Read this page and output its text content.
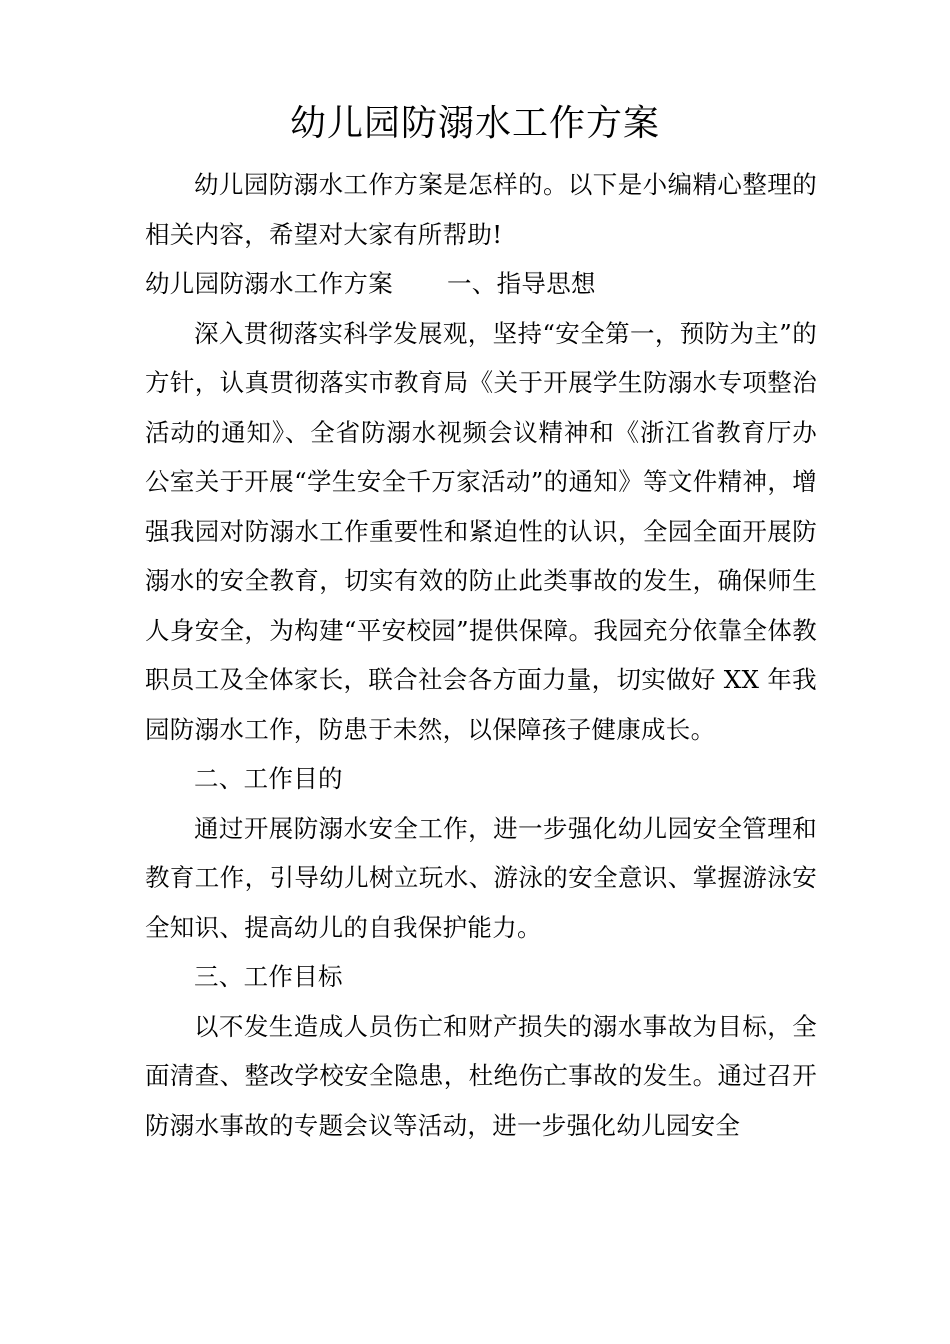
幼儿园防溺水工作方案

幼儿园防溺水工作方案是怎样的。以下是小编精心整理的相关内容，希望对大家有所帮助!

幼儿园防溺水工作方案 一、指导思想

深入贯彻落实科学发展观，坚持“安全第一，预防为主”的方针，认真贯彻落实市教育局《关于开展学生防溺水专项整治活动的通知》、全省防溺水视频会议精神和《浙江省教育厅办公室关于开展“学生安全千万家活动”的通知》等文件精神，增强我园对防溺水工作重要性和紧迫性的认识，全园全面开展防溺水的安全教育，切实有效的防止此类事故的发生，确保师生人身安全，为构建“平安校园”提供保障。我园充分依靠全体教职员工及全体家长，联合社会各方面力量，切实做好 XX 年我园防溺水工作，防患于未然，以保障孩子健康成长。

二、工作目的

通过开展防溺水安全工作，进一步强化幼儿园安全管理和教育工作，引导幼儿树立玩水、游泳的安全意识、掌握游泳安全知识、提高幼儿的自我保护能力。

三、工作目标

以不发生造成人员伤亡和财产损失的溺水事故为目标，全面清查、整改学校安全隐患，杜绝伤亡事故的发生。通过召开防溺水事故的专题会议等活动，进一步强化幼儿园安全
